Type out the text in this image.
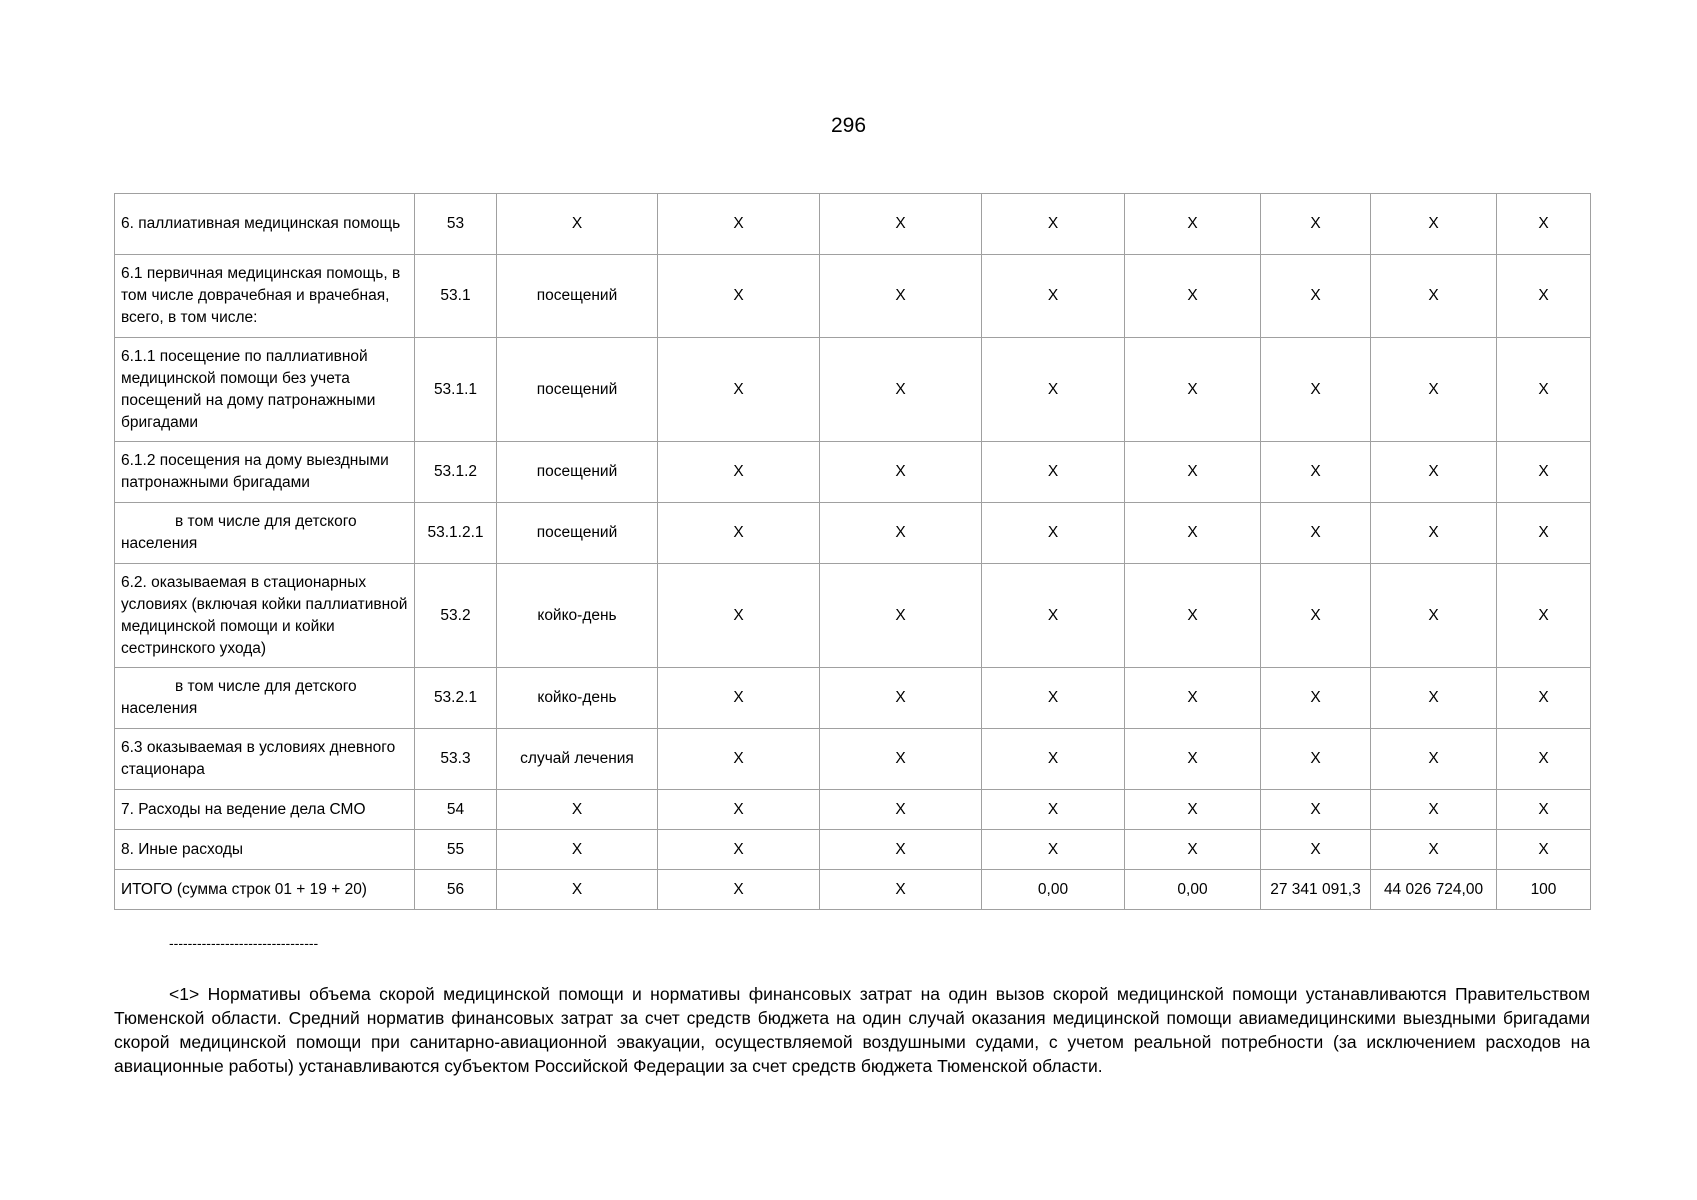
296
6. паллиативная медицинская помощь	53	X	X	X	X	X	X	X	X
6.1 первичная медицинская помощь, в том числе доврачебная и врачебная, всего, в том числе:	53.1	посещений	X	X	X	X	X	X	X
6.1.1 посещение по паллиативной медицинской помощи без учета посещений на дому патронажными бригадами	53.1.1	посещений	X	X	X	X	X	X	X
6.1.2 посещения на дому выездными патронажными бригадами	53.1.2	посещений	X	X	X	X	X	X	X
в том числе для детского населения	53.1.2.1	посещений	X	X	X	X	X	X	X
6.2. оказываемая в стационарных условиях (включая койки паллиативной медицинской помощи и койки сестринского ухода)	53.2	койко-день	X	X	X	X	X	X	X
в том числе для детского населения	53.2.1	койко-день	X	X	X	X	X	X	X
6.3 оказываемая в условиях дневного стационара	53.3	случай лечения	X	X	X	X	X	X	X
7. Расходы на ведение дела СМО	54	X	X	X	X	X	X	X	X
8. Иные расходы	55	X	X	X	X	X	X	X	X
ИТОГО (сумма строк 01 + 19 + 20)	56	X	X	X	0,00	0,00	27 341 091,3	44 026 724,00	100
--------------------------------
<1> Нормативы объема скорой медицинской помощи и нормативы финансовых затрат на один вызов скорой медицинской помощи устанавливаются Правительством Тюменской области. Средний норматив финансовых затрат за счет средств бюджета на один случай оказания медицинской помощи авиамедицинскими выездными бригадами скорой медицинской помощи при санитарно-авиационной эвакуации, осуществляемой воздушными судами, с учетом реальной потребности (за исключением расходов на авиационные работы) устанавливаются субъектом Российской Федерации за счет средств бюджета Тюменской области.
